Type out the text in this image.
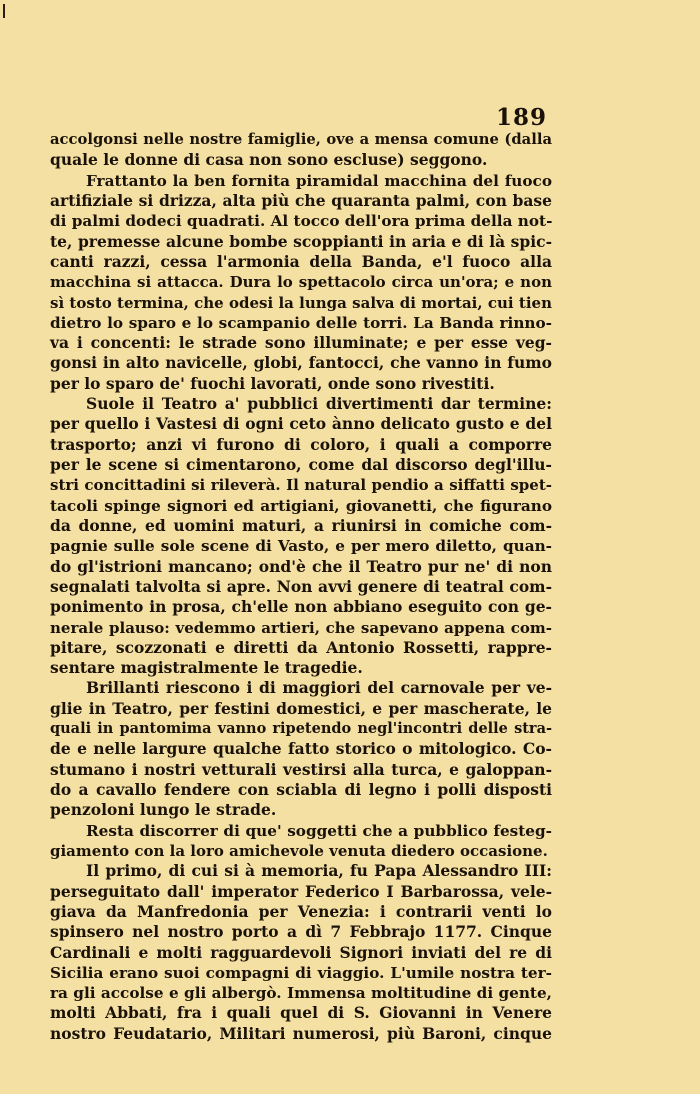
189
accolgonsi nelle nostre famiglie, ove a mensa comune (dalla
quale le donne di casa non sono escluse) seggono.
Frattanto la ben fornita piramidal macchina del fuoco
artifiziale si drizza, alta più che quaranta palmi, con base
di palmi dodeci quadrati. Al tocco dell'ora prima della not-
te, premesse alcune bombe scoppianti in aria e di là spic-
canti razzi, cessa l'armonia della Banda, e'l fuoco alla
macchina si attacca. Dura lo spettacolo circa un'ora; e non
sì tosto termina, che odesi la lunga salva di mortai, cui tien
dietro lo sparo e lo scampanio delle torri. La Banda rinno-
va i concenti: le strade sono illuminate; e per esse veg-
gonsi in alto navicelle, globi, fantocci, che vanno in fumo
per lo sparo de' fuochi lavorati, onde sono rivestiti.
Suole il Teatro a' pubblici divertimenti dar termine:
per quello i Vastesi di ogni ceto ànno delicato gusto e del
trasporto; anzi vi furono di coloro, i quali a comporre
per le scene si cimentarono, come dal discorso degl'illu-
stri concittadini si rileverà. Il natural pendio a siffatti spet-
tacoli spinge signori ed artigiani, giovanetti, che figurano
da donne, ed uomini maturi, a riunirsi in comiche com-
pagnie sulle sole scene di Vasto, e per mero diletto, quan-
do gl'istrioni mancano; ond'è che il Teatro pur ne' di non
segnalati talvolta si apre. Non avvi genere di teatral com-
ponimento in prosa, ch'elle non abbiano eseguito con ge-
nerale plauso: vedemmo artieri, che sapevano appena com-
pitare, scozzonati e diretti da Antonio Rossetti, rappre-
sentare magistralmente le tragedie.
Brillanti riescono i di maggiori del carnovale per ve-
glie in Teatro, per festini domestici, e per mascherate, le
quali in pantomima vanno ripetendo negl'incontri delle stra-
de e nelle largure qualche fatto storico o mitologico. Co-
stumano i nostri vetturali vestirsi alla turca, e galoppan-
do a cavallo fendere con sciabla di legno i polli disposti
penzoloni lungo le strade.
Resta discorrer di que' soggetti che a pubblico festeg-
giamento con la loro amichevole venuta diedero occasione.
Il primo, di cui si à memoria, fu Papa Alessandro III:
perseguitato dall' imperator Federico I Barbarossa, vele-
giava da Manfredonia per Venezia: i contrarii venti lo
spinsero nel nostro porto a dì 7 Febbrajo 1177. Cinque
Cardinali e molti ragguardevoli Signori inviati del re di
Sicilia erano suoi compagni di viaggio. L'umile nostra ter-
ra gli accolse e gli albergò. Immensa moltitudine di gente,
molti Abbati, fra i quali quel di S. Giovanni in Venere
nostro Feudatario, Militari numerosi, più Baroni, cinque
